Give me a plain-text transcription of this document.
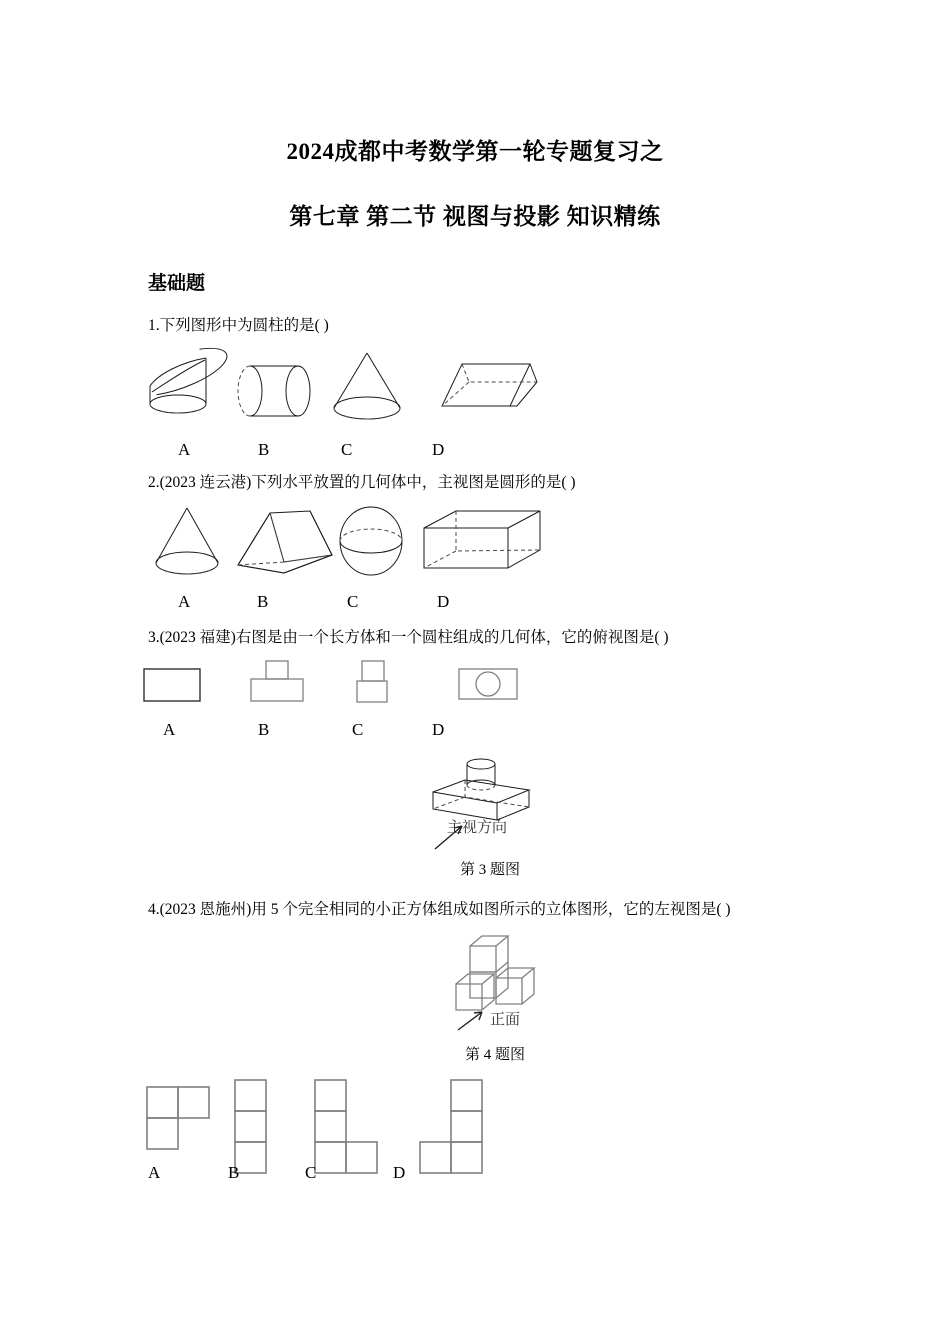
2024成都中考数学第一轮专题复习之
第七章 第二节 视图与投影 知识精练
基础题
1.下列图形中为圆柱的是( )
A	B	C	D
2.(2023 连云港)下列水平放置的几何体中，主视图是圆形的是( )
A	B	C	D
3.(2023 福建)右图是由一个长方体和一个圆柱组成的几何体，它的俯视图是( )
A	B	C	D
主视方向
第 3 题图
4.(2023 恩施州)用 5 个完全相同的小正方体组成如图所示的立体图形，它的左视图是( )
正面
第 4 题图
A	B	C	D
